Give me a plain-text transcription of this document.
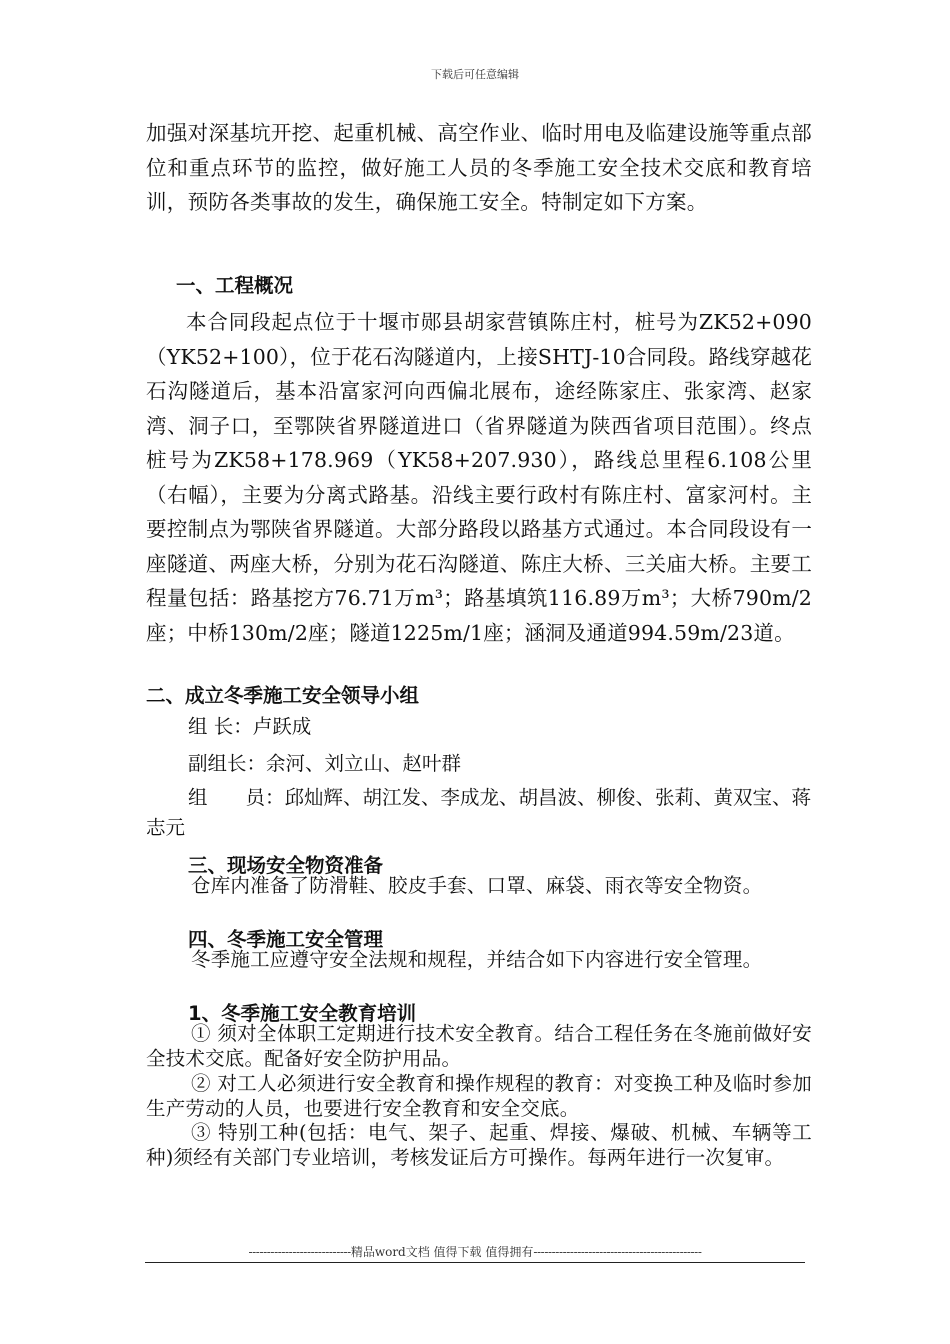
下载后可任意编辑

加强对深基坑开挖、起重机械、高空作业、临时用电及临建设施等重点部位和重点环节的监控，做好施工人员的冬季施工安全技术交底和教育培训，预防各类事故的发生，确保施工安全。特制定如下方案。

一、工程概况

本合同段起点位于十堰市郧县胡家营镇陈庄村，桩号为ZK52+090（YK52+100），位于花石沟隧道内，上接SHTJ-10合同段。路线穿越花石沟隧道后，基本沿富家河向西偏北展布，途经陈家庄、张家湾、赵家湾、洞子口，至鄂陕省界隧道进口（省界隧道为陕西省项目范围）。终点桩号为ZK58+178.969（YK58+207.930），路线总里程6.108公里（右幅），主要为分离式路基。沿线主要行政村有陈庄村、富家河村。主要控制点为鄂陕省界隧道。大部分路段以路基方式通过。本合同段设有一座隧道、两座大桥，分别为花石沟隧道、陈庄大桥、三关庙大桥。主要工程量包括：路基挖方76.71万m³；路基填筑116.89万m³；大桥790m/2座；中桥130m/2座；隧道1225m/1座；涵洞及通道994.59m/23道。

二、成立冬季施工安全领导小组

组 长：卢跃成

副组长：余河、刘立山、赵叶群

组 员：邱灿辉、胡江发、李成龙、胡昌波、柳俊、张莉、黄双宝、蒋志元

三、现场安全物资准备

仓库内准备了防滑鞋、胶皮手套、口罩、麻袋、雨衣等安全物资。

四、冬季施工安全管理

冬季施工应遵守安全法规和规程，并结合如下内容进行安全管理。

1、冬季施工安全教育培训

① 须对全体职工定期进行技术安全教育。结合工程任务在冬施前做好安全技术交底。配备好安全防护用品。

② 对工人必须进行安全教育和操作规程的教育：对变换工种及临时参加生产劳动的人员，也要进行安全教育和安全交底。

③ 特别工种(包括：电气、架子、起重、焊接、爆破、机械、车辆等工种)须经有关部门专业培训，考核发证后方可操作。每两年进行一次复审。

----------------------------精品word文档 值得下载 值得拥有----------------------------------------------
